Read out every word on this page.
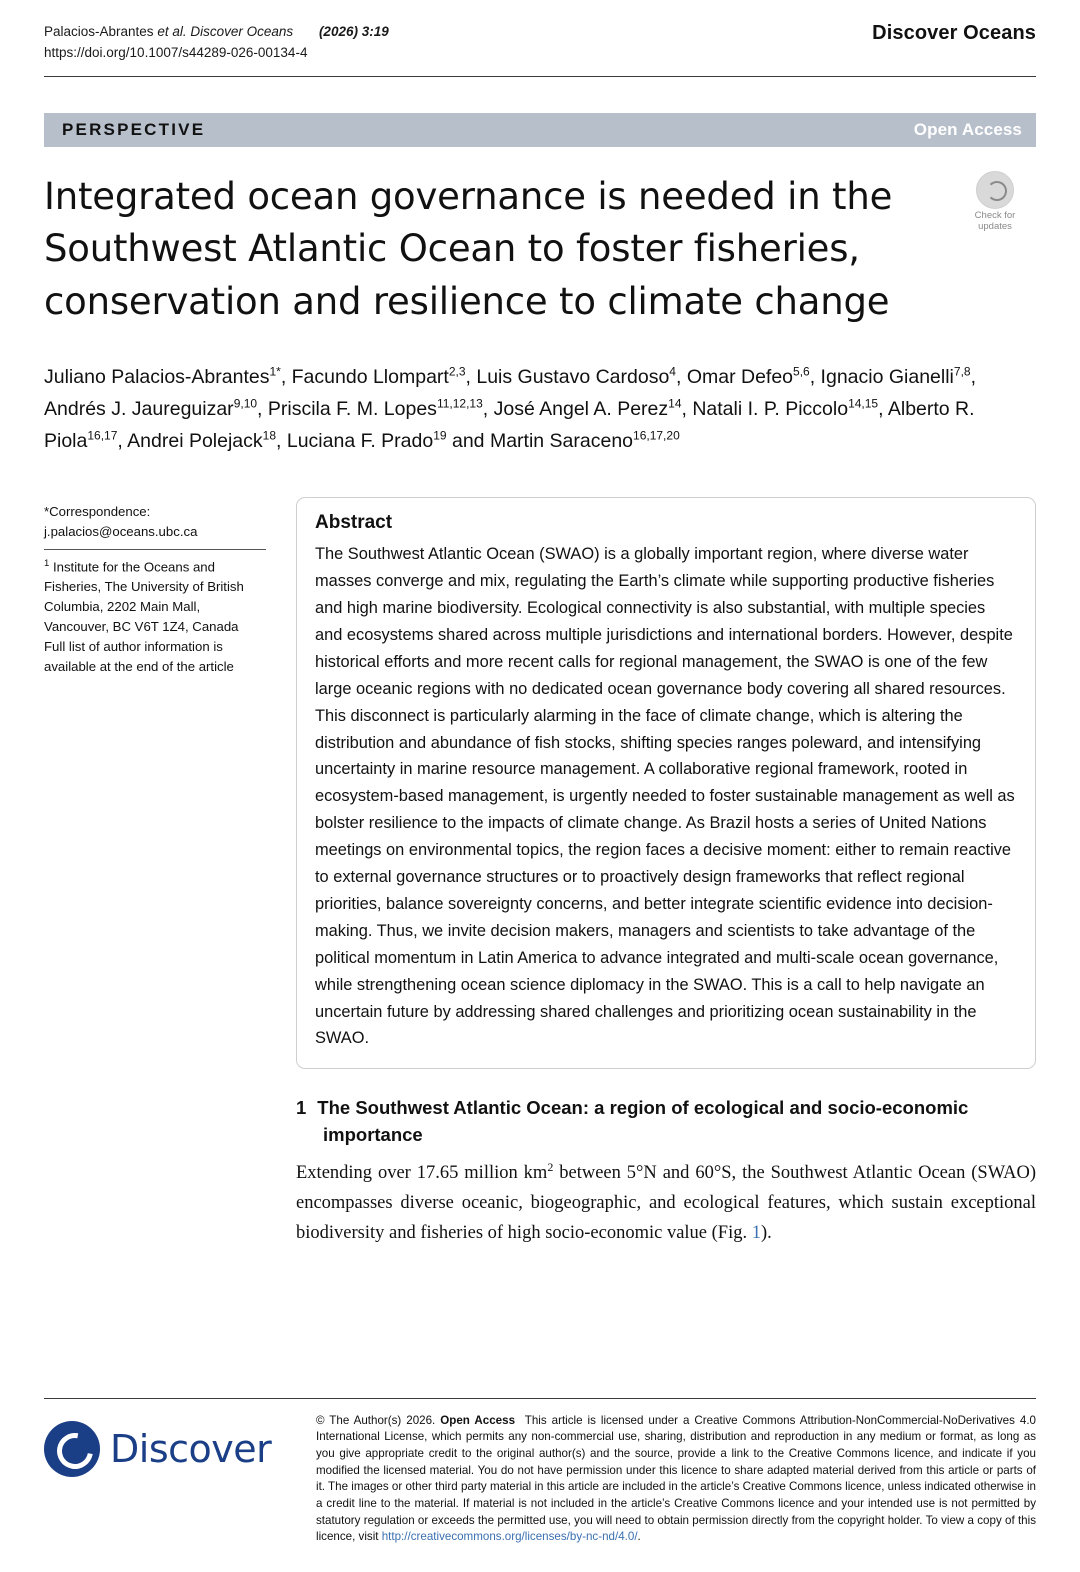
Palacios-Abrantes et al. Discover Oceans (2026) 3:19
https://doi.org/10.1007/s44289-026-00134-4
Discover Oceans
PERSPECTIVE	Open Access
Integrated ocean governance is needed in the Southwest Atlantic Ocean to foster fisheries, conservation and resilience to climate change
Check for
updates
Juliano Palacios-Abrantes$^{1*}$, Facundo Llompart$^{2,3}$, Luis Gustavo Cardoso$^4$, Omar Defeo$^{5,6}$, Ignacio Gianelli$^{7,8}$, Andrés J. Jaureguizar$^{9,10}$, Priscila F. M. Lopes$^{11,12,13}$, José Angel A. Perez$^{14}$, Natali I. P. Piccolo$^{14,15}$, Alberto R. Piola$^{16,17}$, Andrei Polejack$^{18}$, Luciana F. Prado$^{19}$ and Martin Saraceno$^{16,17,20}$
*Correspondence:
j.palacios@oceans.ubc.ca
$^1$ Institute for the Oceans and Fisheries, The University of British Columbia, 2202 Main Mall, Vancouver, BC V6T 1Z4, Canada
Full list of author information is available at the end of the article
Abstract

The Southwest Atlantic Ocean (SWAO) is a globally important region, where diverse water masses converge and mix, regulating the Earth’s climate while supporting productive fisheries and high marine biodiversity. Ecological connectivity is also substantial, with multiple species and ecosystems shared across multiple jurisdictions and international borders. However, despite historical efforts and more recent calls for regional management, the SWAO is one of the few large oceanic regions with no dedicated ocean governance body covering all shared resources. This disconnect is particularly alarming in the face of climate change, which is altering the distribution and abundance of fish stocks, shifting species ranges poleward, and intensifying uncertainty in marine resource management. A collaborative regional framework, rooted in ecosystem-based management, is urgently needed to foster sustainable management as well as bolster resilience to the impacts of climate change. As Brazil hosts a series of United Nations meetings on environmental topics, the region faces a decisive moment: either to remain reactive to external governance structures or to proactively design frameworks that reflect regional priorities, balance sovereignty concerns, and better integrate scientific evidence into decision-making. Thus, we invite decision makers, managers and scientists to take advantage of the political momentum in Latin America to advance integrated and multi-scale ocean governance, while strengthening ocean science diplomacy in the SWAO. This is a call to help navigate an uncertain future by addressing shared challenges and prioritizing ocean sustainability in the SWAO.

1 The Southwest Atlantic Ocean: a region of ecological and socio-economic
importance

Extending over 17.65 million $km^2$ between 5°N and 60°S, the Southwest Atlantic Ocean (SWAO) encompasses diverse oceanic, biogeographic, and ecological features, which sustain exceptional biodiversity and fisheries of high socio-economic value (Fig. 1).

Discover
© The Author(s) 2026. Open Access  This article is licensed under a Creative Commons Attribution-NonCommercial-NoDerivatives 4.0 International License, which permits any non-commercial use, sharing, distribution and reproduction in any medium or format, as long as you give appropriate credit to the original author(s) and the source, provide a link to the Creative Commons licence, and indicate if you modified the licensed material. You do not have permission under this licence to share adapted material derived from this article or parts of it. The images or other third party material in this article are included in the article’s Creative Commons licence, unless indicated otherwise in a credit line to the material. If material is not included in the article’s Creative Commons licence and your intended use is not permitted by statutory regulation or exceeds the permitted use, you will need to obtain permission directly from the copyright holder. To view a copy of this licence, visit http://creativecommons.org/licenses/by-nc-nd/4.0/.
